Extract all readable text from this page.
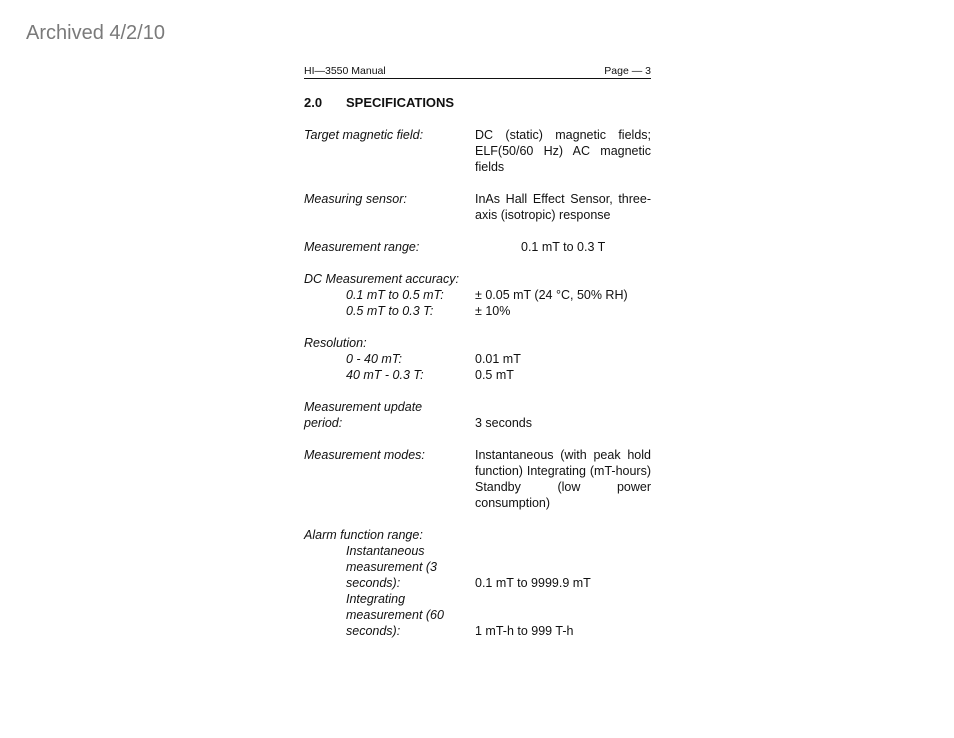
Archived 4/2/10
HI—3550 Manual	Page — 3
2.0 SPECIFICATIONS
Target magnetic field:	DC (static) magnetic fields; ELF(50/60 Hz) AC magnetic fields
Measuring sensor:	InAs Hall Effect Sensor, three-axis (isotropic) response
Measurement range:	0.1 mT to 0.3 T
DC Measurement accuracy:
0.1 mT to 0.5 mT:	± 0.05 mT (24 °C, 50% RH)
0.5 mT to 0.3 T:	± 10%
Resolution:
0 - 40 mT:	0.01 mT
40 mT - 0.3 T:	0.5 mT
Measurement update
period:	3 seconds
Measurement modes:	Instantaneous (with peak hold function) Integrating (mT-hours) Standby (low power consumption)
Alarm function range:
Instantaneous measurement (3 seconds):	0.1 mT to 9999.9 mT
Integrating measurement (60 seconds):	1 mT-h to 999 T-h
